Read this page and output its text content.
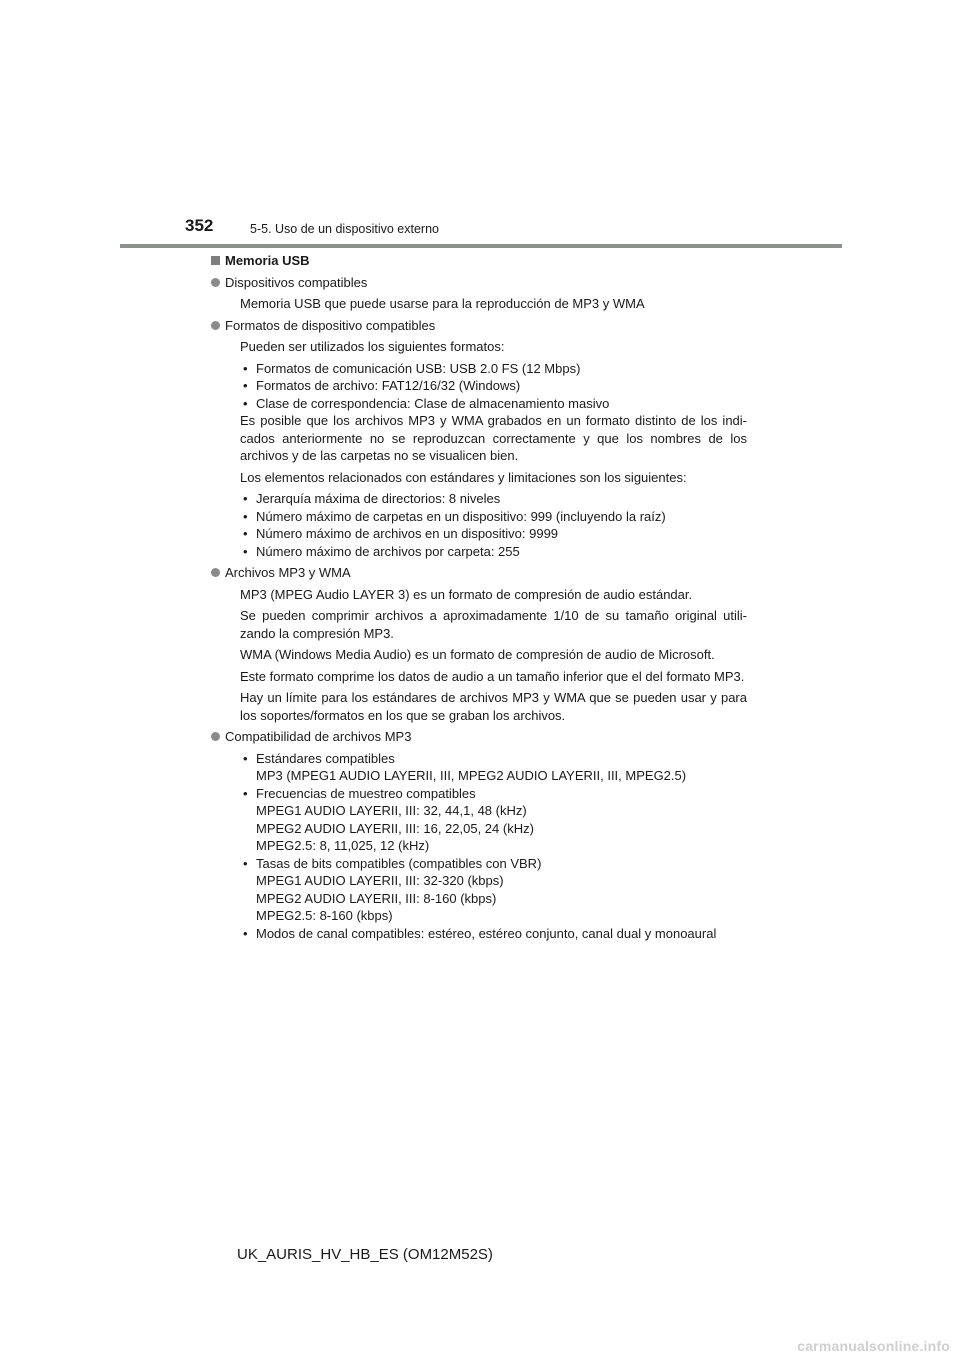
352	5-5. Uso de un dispositivo externo
Memoria USB
Dispositivos compatibles
Memoria USB que puede usarse para la reproducción de MP3 y WMA
Formatos de dispositivo compatibles
Pueden ser utilizados los siguientes formatos:
• Formatos de comunicación USB: USB 2.0 FS (12 Mbps)
• Formatos de archivo: FAT12/16/32 (Windows)
• Clase de correspondencia: Clase de almacenamiento masivo
Es posible que los archivos MP3 y WMA grabados en un formato distinto de los indi-cados anteriormente no se reproduzcan correctamente y que los nombres de los archivos y de las carpetas no se visualicen bien.
Los elementos relacionados con estándares y limitaciones son los siguientes:
• Jerarquía máxima de directorios: 8 niveles
• Número máximo de carpetas en un dispositivo: 999 (incluyendo la raíz)
• Número máximo de archivos en un dispositivo: 9999
• Número máximo de archivos por carpeta: 255
Archivos MP3 y WMA
MP3 (MPEG Audio LAYER 3) es un formato de compresión de audio estándar.
Se pueden comprimir archivos a aproximadamente 1/10 de su tamaño original utili-zando la compresión MP3.
WMA (Windows Media Audio) es un formato de compresión de audio de Microsoft.
Este formato comprime los datos de audio a un tamaño inferior que el del formato MP3.
Hay un límite para los estándares de archivos MP3 y WMA que se pueden usar y para los soportes/formatos en los que se graban los archivos.
Compatibilidad de archivos MP3
• Estándares compatibles
MP3 (MPEG1 AUDIO LAYERII, III, MPEG2 AUDIO LAYERII, III, MPEG2.5)
• Frecuencias de muestreo compatibles
MPEG1 AUDIO LAYERII, III: 32, 44,1, 48 (kHz)
MPEG2 AUDIO LAYERII, III: 16, 22,05, 24 (kHz)
MPEG2.5: 8, 11,025, 12 (kHz)
• Tasas de bits compatibles (compatibles con VBR)
MPEG1 AUDIO LAYERII, III: 32-320 (kbps)
MPEG2 AUDIO LAYERII, III: 8-160 (kbps)
MPEG2.5: 8-160 (kbps)
• Modos de canal compatibles: estéreo, estéreo conjunto, canal dual y monoaural
UK_AURIS_HV_HB_ES (OM12M52S)
carmanualsonline.info
